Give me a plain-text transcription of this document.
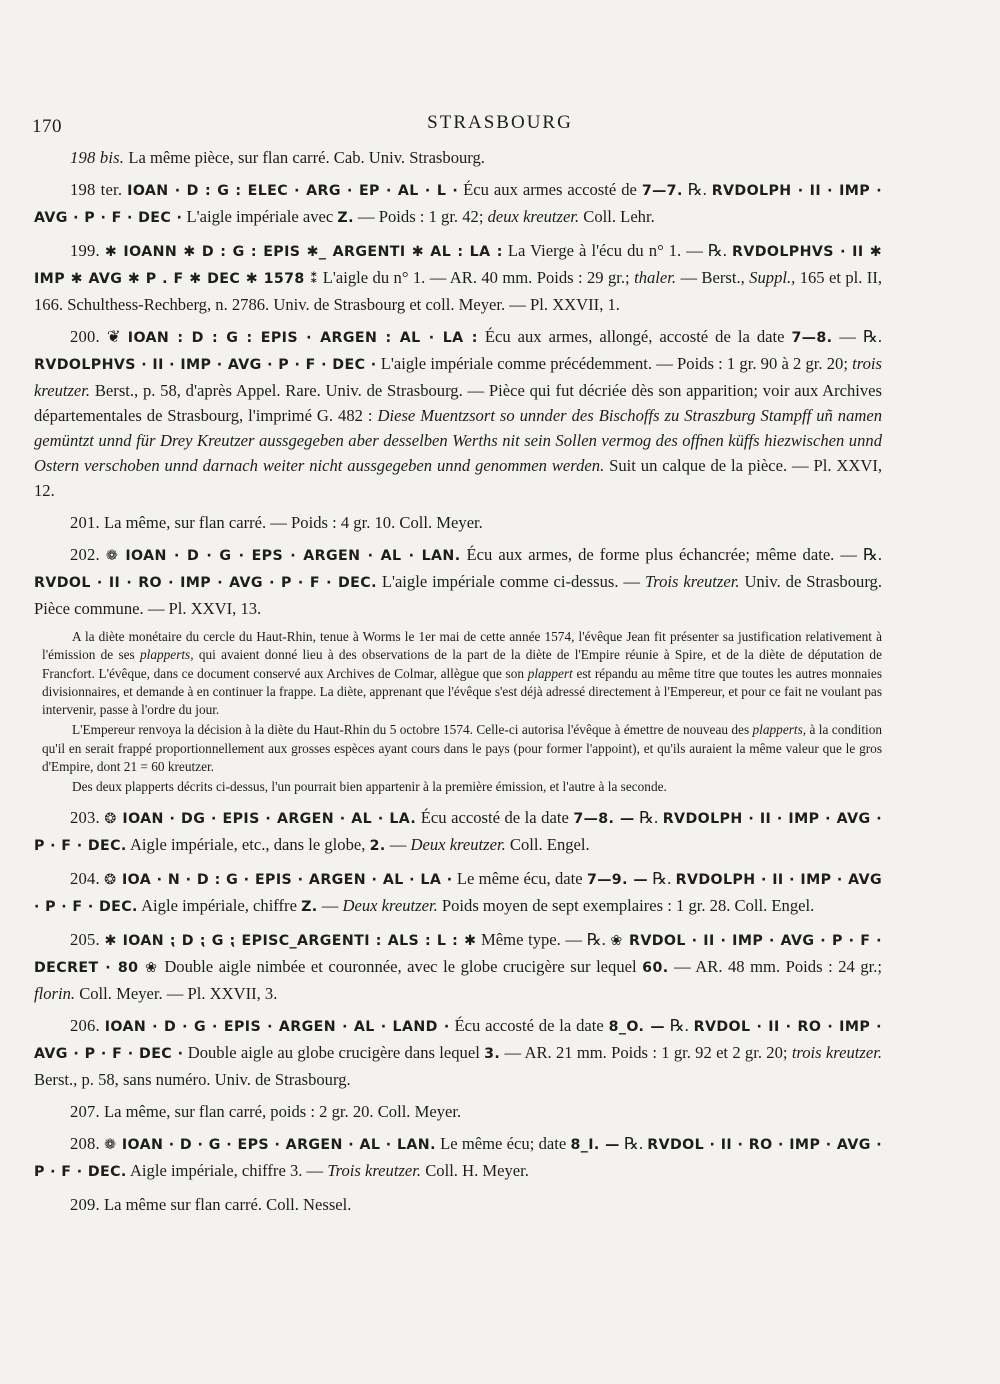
170	STRASBOURG

198 bis. La même pièce, sur flan carré. Cab. Univ. Strasbourg.

198 ter. IOAN · D : G : ELEC · ARG · EP · AL · L · Écu aux armes accosté de 7—7. ℞. RVDOLPH · II · IMP · AVG · P · F · DEC · L'aigle impériale avec Z. — Poids : 1 gr. 42; deux kreutzer. Coll. Lehr.

199. ✱ IOANN ✱ D : G : EPIS ✱_ ARGENTI ✱ AL : LA : La Vierge à l'écu du n° 1. — ℞. RVDOLPHVS · II ✱ IMP ✱ AVG ✱ P . F ✱ DEC ✱ 1578 ⁑ L'aigle du n° 1. — AR. 40 mm. Poids : 29 gr.; thaler. — Berst., Suppl., 165 et pl. II, 166. Schulthess-Rechberg, n. 2786. Univ. de Strasbourg et coll. Meyer. — Pl. XXVII, 1.

200. ❦ IOAN : D : G : EPIS · ARGEN : AL · LA : Écu aux armes, allongé, accosté de la date 7—8. — ℞. RVDOLPHVS · II · IMP · AVG · P · F · DEC · L'aigle impériale comme précédemment. — Poids : 1 gr. 90 à 2 gr. 20; trois kreutzer. Berst., p. 58, d'après Appel. Rare. Univ. de Strasbourg. — Pièce qui fut décriée dès son apparition; voir aux Archives départementales de Strasbourg, l'imprimé G. 482 : Diese Muentzsort so unnder des Bischoffs zu Straszburg Stampff uñ namen gemüntzt unnd für Drey Kreutzer aussgegeben aber desselben Werths nit sein Sollen vermog des offnen küffs hiezwischen unnd Ostern verschoben unnd darnach weiter nicht aussgegeben unnd genommen werden. Suit un calque de la pièce. — Pl. XXVI, 12.

201. La même, sur flan carré. — Poids : 4 gr. 10. Coll. Meyer.

202. ❁ IOAN · D · G · EPS · ARGEN · AL · LAN. Écu aux armes, de forme plus échancrée; même date. — ℞. RVDOL · II · RO · IMP · AVG · P · F · DEC. L'aigle impériale comme ci-dessus. — Trois kreutzer. Univ. de Strasbourg. Pièce commune. — Pl. XXVI, 13.

A la diète monétaire du cercle du Haut-Rhin, tenue à Worms le 1er mai de cette année 1574, l'évêque Jean fit présenter sa justification relativement à l'émission de ses plapperts, qui avaient donné lieu à des observations de la part de la diète de l'Empire réunie à Spire, et de la diète de députation de Francfort. L'évêque, dans ce document conservé aux Archives de Colmar, allègue que son plappert est répandu au même titre que toutes les autres monnaies divisionnaires, et demande à en continuer la frappe. La diète, apprenant que l'évêque s'est déjà adressé directement à l'Empereur, et pour ce fait ne voulant pas intervenir, passe à l'ordre du jour.

L'Empereur renvoya la décision à la diète du Haut-Rhin du 5 octobre 1574. Celle-ci autorisa l'évêque à émettre de nouveau des plapperts, à la condition qu'il en serait frappé proportionnellement aux grosses espèces ayant cours dans le pays (pour former l'appoint), et qu'ils auraient la même valeur que le gros d'Empire, dont 21 = 60 kreutzer.

Des deux plapperts décrits ci-dessus, l'un pourrait bien appartenir à la première émission, et l'autre à la seconde.

203. ❂ IOAN · DG · EPIS · ARGEN · AL · LA. Écu accosté de la date 7—8. — ℞. RVDOLPH · II · IMP · AVG · P · F · DEC. Aigle impériale, etc., dans le globe, 2. — Deux kreutzer. Coll. Engel.

204. ❂ IOA · N · D : G · EPIS · ARGEN · AL · LA · Le même écu, date 7—9. — ℞. RVDOLPH · II · IMP · AVG · P · F · DEC. Aigle impériale, chiffre Z. — Deux kreutzer. Poids moyen de sept exemplaires : 1 gr. 28. Coll. Engel.

205. ✱ IOAN ⁏ D ⁏ G ⁏ EPISC_ARGENTI : ALS : L : ✱ Même type. — ℞. ❀ RVDOL · II · IMP · AVG · P · F · DECRET · 80 ❀ Double aigle nimbée et couronnée, avec le globe crucigère sur lequel 60. — AR. 48 mm. Poids : 24 gr.; florin. Coll. Meyer. — Pl. XXVII, 3.

206. IOAN · D · G · EPIS · ARGEN · AL · LAND · Écu accosté de la date 8_O. — ℞. RVDOL · II · RO · IMP · AVG · P · F · DEC · Double aigle au globe crucigère dans lequel 3. — AR. 21 mm. Poids : 1 gr. 92 et 2 gr. 20; trois kreutzer. Berst., p. 58, sans numéro. Univ. de Strasbourg.

207. La même, sur flan carré, poids : 2 gr. 20. Coll. Meyer.

208. ❁ IOAN · D · G · EPS · ARGEN · AL · LAN. Le même écu; date 8_I. — ℞. RVDOL · II · RO · IMP · AVG · P · F · DEC. Aigle impériale, chiffre 3. — Trois kreutzer. Coll. H. Meyer.

209. La même sur flan carré. Coll. Nessel.
